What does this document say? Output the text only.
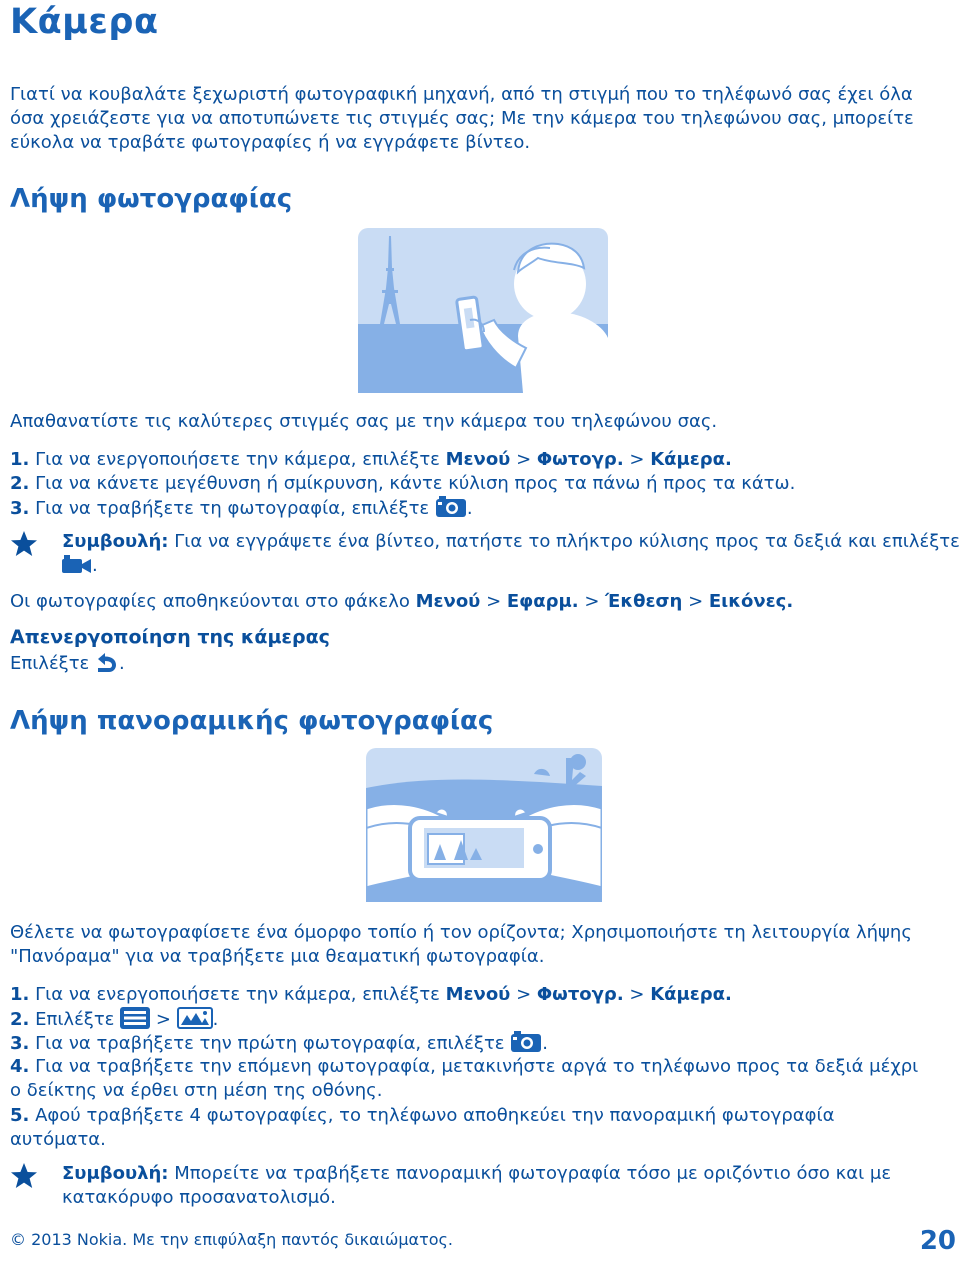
Κάμερα

Γιατί να κουβαλάτε ξεχωριστή φωτογραφική μηχανή, από τη στιγμή που το τηλέφωνό σας έχει όλα

όσα χρειάζεστε για να αποτυπώνετε τις στιγμές σας; Με την κάμερα του τηλεφώνου σας, μπορείτε

εύκολα να τραβάτε φωτογραφίες ή να εγγράφετε βίντεο.

Λήψη φωτογραφίας

Απαθανατίστε τις καλύτερες στιγμές σας με την κάμερα του τηλεφώνου σας.

1. Για να ενεργοποιήσετε την κάμερα, επιλέξτε Μενού > Φωτογρ. > Κάμερα.

2. Για να κάνετε μεγέθυνση ή σμίκρυνση, κάντε κύλιση προς τα πάνω ή προς τα κάτω.

3. Για να τραβήξετε τη φωτογραφία, επιλέξτε .

Συμβουλή: Για να εγγράψετε ένα βίντεο, πατήστε το πλήκτρο κύλισης προς τα δεξιά και επιλέξτε
.

Οι φωτογραφίες αποθηκεύονται στο φάκελο Μενού > Εφαρμ. > Έκθεση > Εικόνες.

Απενεργοποίηση της κάμερας

Επιλέξτε .

Λήψη πανοραμικής φωτογραφίας

Θέλετε να φωτογραφίσετε ένα όμορφο τοπίο ή τον ορίζοντα; Χρησιμοποιήστε τη λειτουργία λήψης

"Πανόραμα" για να τραβήξετε μια θεαματική φωτογραφία.

1. Για να ενεργοποιήσετε την κάμερα, επιλέξτε Μενού > Φωτογρ. > Κάμερα.

2. Επιλέξτε  > .

3. Για να τραβήξετε την πρώτη φωτογραφία, επιλέξτε .

4. Για να τραβήξετε την επόμενη φωτογραφία, μετακινήστε αργά το τηλέφωνο προς τα δεξιά μέχρι

ο δείκτης να έρθει στη μέση της οθόνης.

5. Αφού τραβήξετε 4 φωτογραφίες, το τηλέφωνο αποθηκεύει την πανοραμική φωτογραφία

αυτόματα.

Συμβουλή: Μπορείτε να τραβήξετε πανοραμική φωτογραφία τόσο με οριζόντιο όσο και με
κατακόρυφο προσανατολισμό.
© 2013 Nokia. Με την επιφύλαξη παντός δικαιώματος.	20
